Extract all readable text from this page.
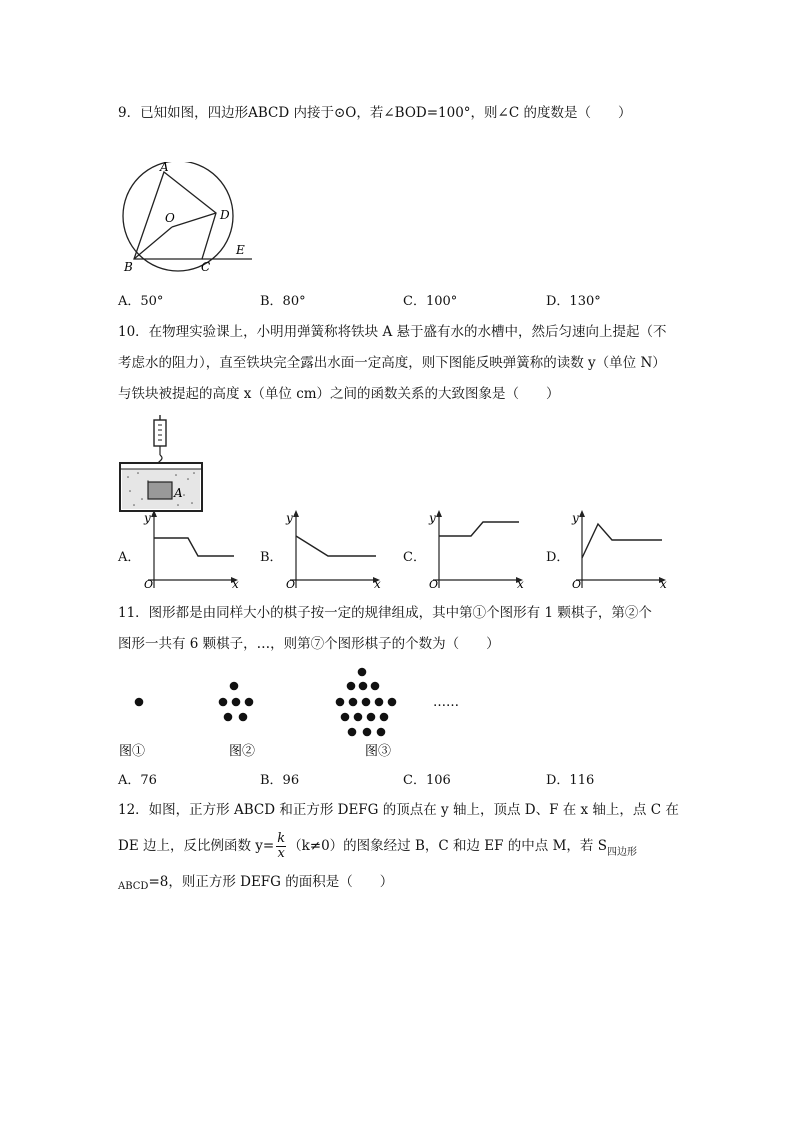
9．已知如图，四边形ABCD 内接于⊙O，若∠BOD=100°，则∠C 的度数是（　　）
A
O	D
B	C
E
A．50°	B．80°	C．100°	D．130°
10．在物理实验课上，小明用弹簧称将铁块 A 悬于盛有水的水槽中，然后匀速向上提起（不
考虑水的阻力），直至铁块完全露出水面一定高度，则下图能反映弹簧称的读数 y（单位 N）
与铁块被提起的高度 x（单位 cm）之间的函数关系的大致图象是（　　）
A
A．
y
O	x
B．
y
O	x
C．
y
O	x
D．
y
O	x
11．图形都是由同样大小的棋子按一定的规律组成，其中第①个图形有 1 颗棋子，第②个
图形一共有 6 颗棋子，…，则第⑦个图形棋子的个数为（　　）
……
图①	图②	图③
A．76	B．96	C．106	D．116
12．如图，正方形 ABCD 和正方形 DEFG 的顶点在 y 轴上，顶点 D、F 在 x 轴上，点 C 在
DE 边上，反比例函数 $y= \frac{k}{x} (k\ne 0)$的图象经过 B，C 和边 EF 的中点 M，若 $S_{四边形}$
$_{ABCD}$=8，则正方形 DEFG 的面积是（　　）
